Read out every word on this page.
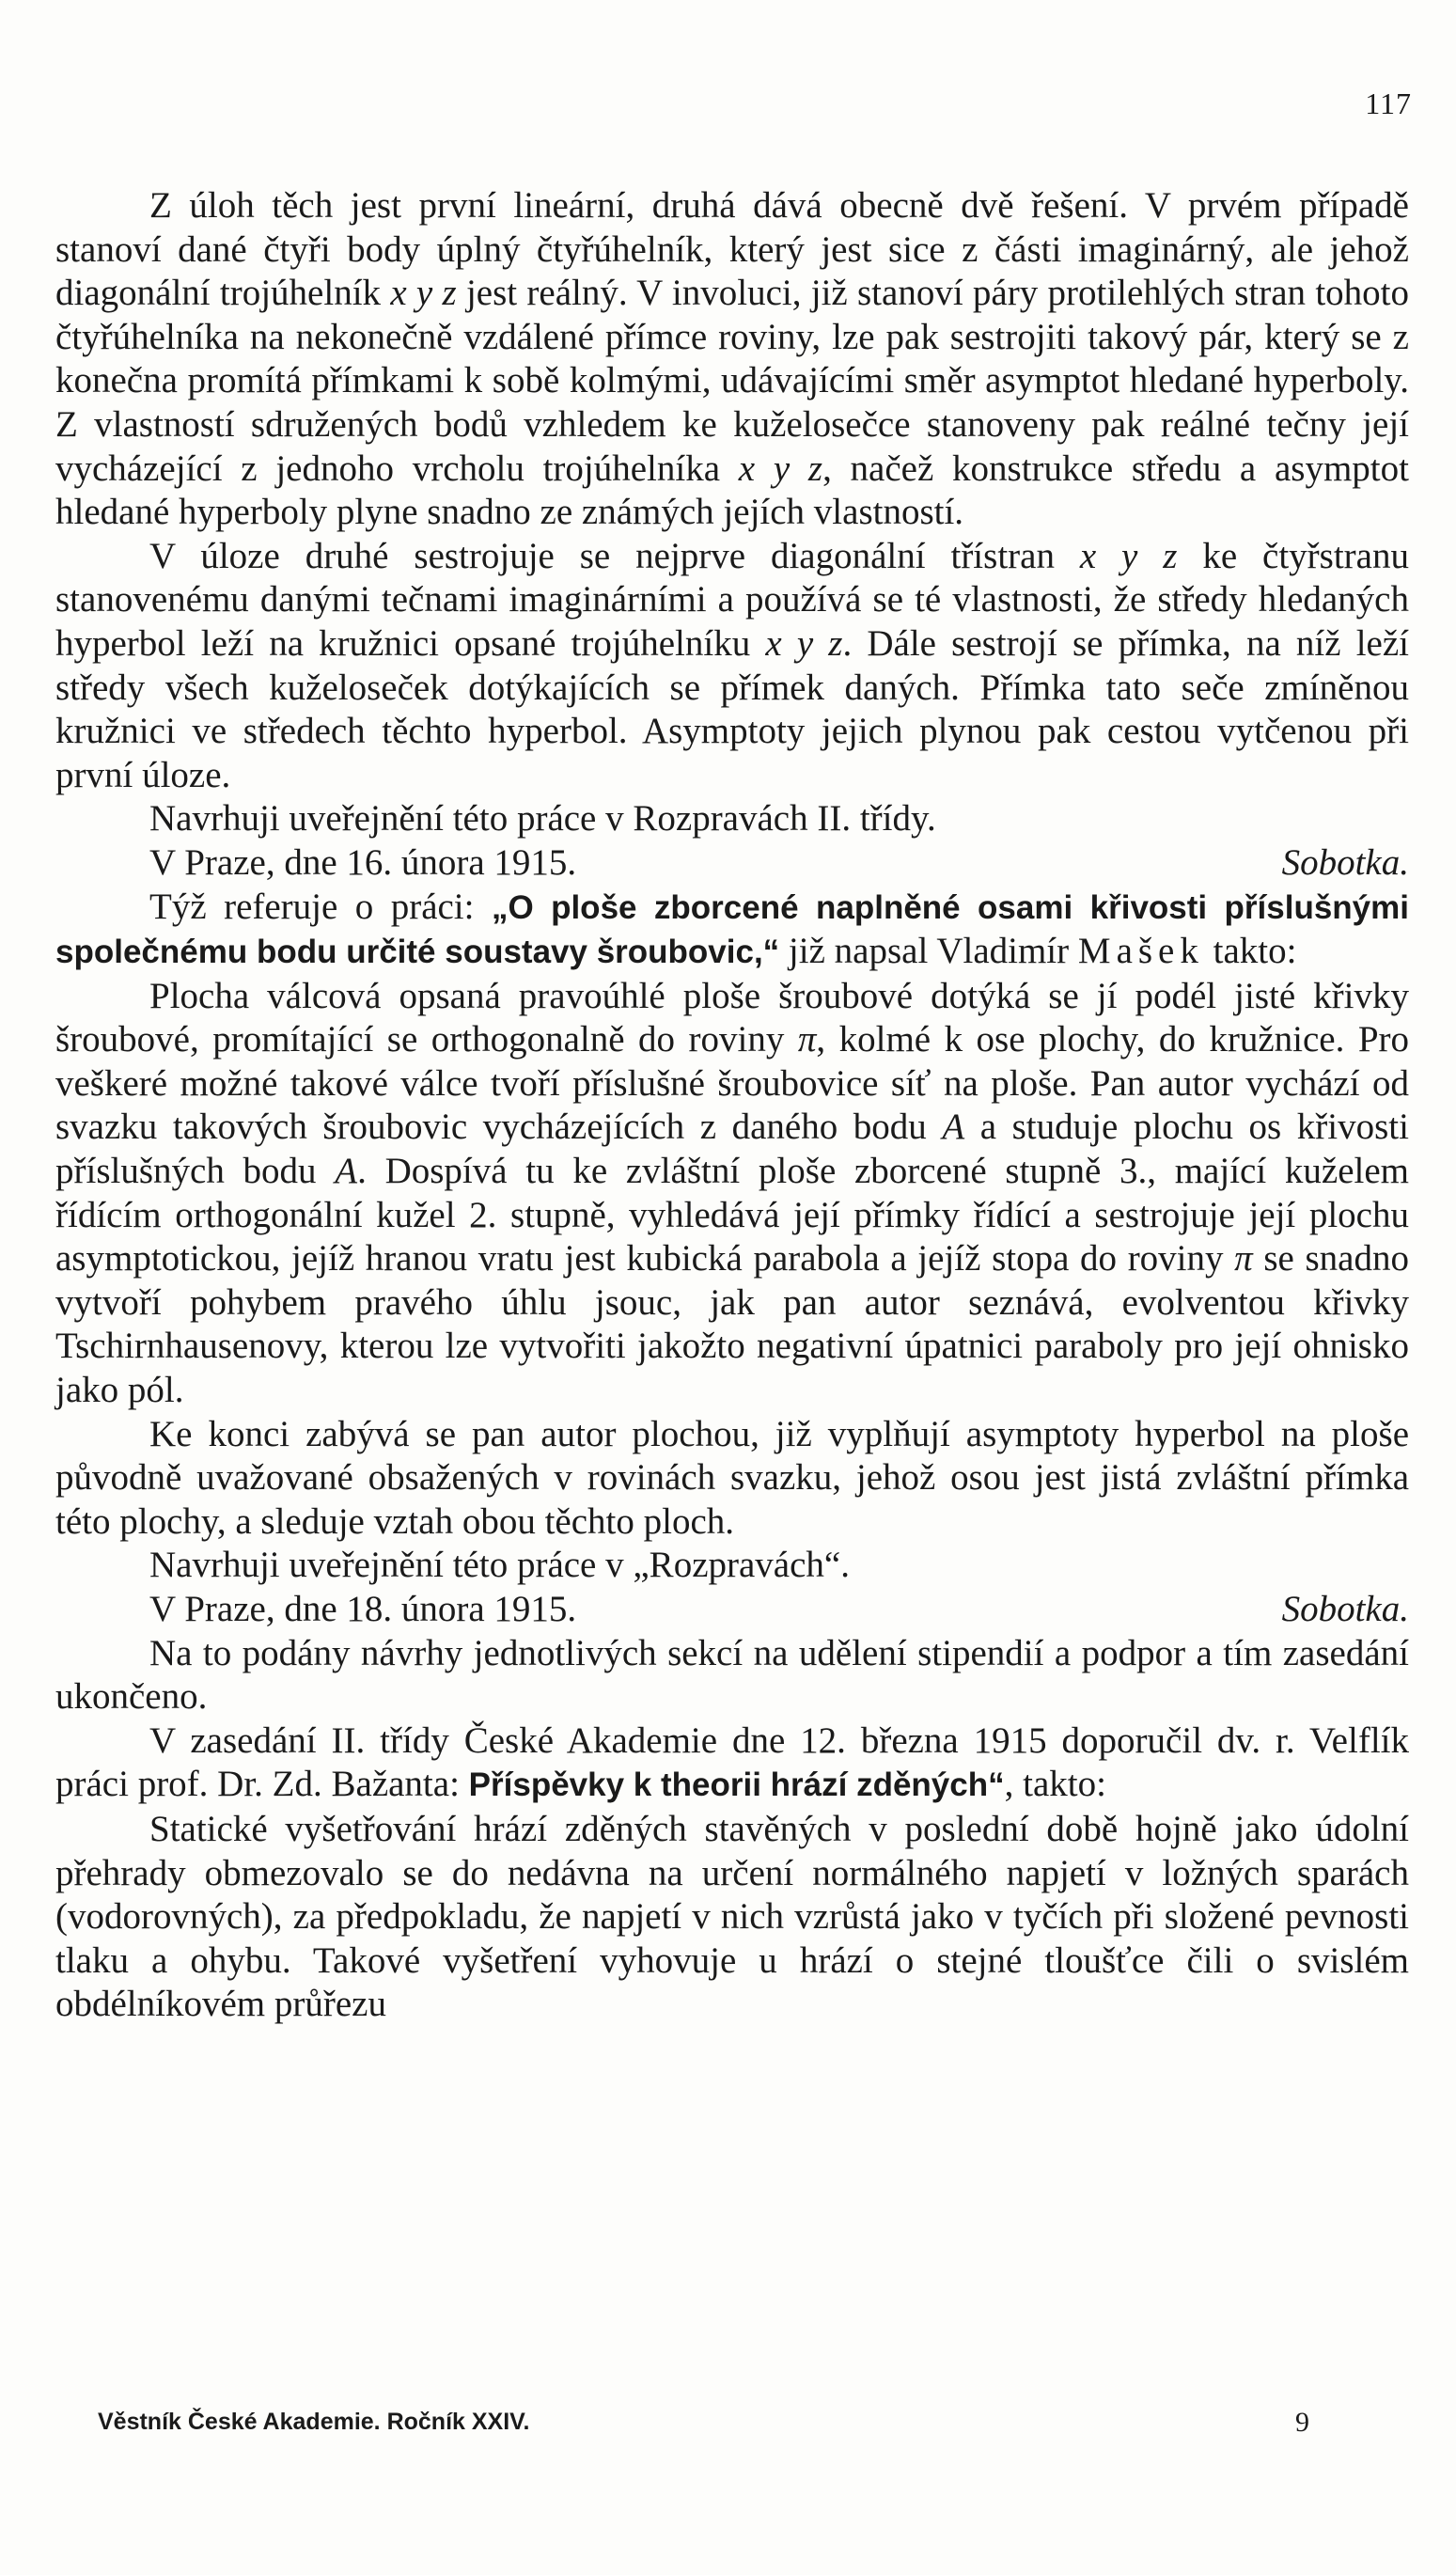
117

Z úloh těch jest první lineární, druhá dává obecně dvě řešení. V prvém případě stanoví dané čtyři body úplný čtyřúhelník, který jest sice z části imaginárný, ale jehož diagonální trojúhelník x y z jest reálný. V involuci, již stanoví páry protilehlých stran tohoto čtyřúhelníka na nekonečně vzdálené přímce roviny, lze pak sestrojiti takový pár, který se z konečna promítá přímkami k sobě kolmými, udávajícími směr asymptot hledané hyperboly. Z vlastností sdružených bodů vzhledem ke kuželosečce stanoveny pak reálné tečny její vycházející z jednoho vrcholu trojúhelníka x y z, načež konstrukce středu a asymptot hledané hyperboly plyne snadno ze známých jejích vlastností.

V úloze druhé sestrojuje se nejprve diagonální třístran x y z ke čtyřstranu stanovenému danými tečnami imaginárními a používá se té vlastnosti, že středy hledaných hyperbol leží na kružnici opsané trojúhelníku x y z. Dále sestrojí se přímka, na níž leží středy všech kuželoseček dotýkajících se přímek daných. Přímka tato seče zmíněnou kružnici ve středech těchto hyperbol. Asymptoty jejich plynou pak cestou vytčenou při první úloze.

Navrhuji uveřejnění této práce v Rozpravách II. třídy.

V Praze, dne 16. února 1915.	Sobotka.

Týž referuje o práci: „O ploše zborcené naplněné osami křivosti příslušnými společnému bodu určité soustavy šroubovic,“ již napsal Vladimír Mašek takto:

Plocha válcová opsaná pravoúhlé ploše šroubové dotýká se jí podél jisté křivky šroubové, promítající se orthogonalně do roviny π, kolmé k ose plochy, do kružnice. Pro veškeré možné takové válce tvoří příslušné šroubovice síť na ploše. Pan autor vychází od svazku takových šroubovic vycházejících z daného bodu A a studuje plochu os křivosti příslušných bodu A. Dospívá tu ke zvláštní ploše zborcené stupně 3., mající kuželem řídícím orthogonální kužel 2. stupně, vyhledává její přímky řídící a sestrojuje její plochu asymptotickou, jejíž hranou vratu jest kubická parabola a jejíž stopa do roviny π se snadno vytvoří pohybem pravého úhlu jsouc, jak pan autor seznává, evolventou křivky Tschirnhausenovy, kterou lze vytvořiti jakožto negativní úpatnici paraboly pro její ohnisko jako pól.

Ke konci zabývá se pan autor plochou, již vyplňují asymptoty hyperbol na ploše původně uvažované obsažených v rovinách svazku, jehož osou jest jistá zvláštní přímka této plochy, a sleduje vztah obou těchto ploch.

Navrhuji uveřejnění této práce v „Rozpravách“.

V Praze, dne 18. února 1915.	Sobotka.

Na to podány návrhy jednotlivých sekcí na udělení stipendií a podpor a tím zasedání ukončeno.

V zasedání II. třídy České Akademie dne 12. března 1915 doporučil dv. r. Velflík práci prof. Dr. Zd. Bažanta: Příspěvky k theorii hrází zděných“, takto:

Statické vyšetřování hrází zděných stavěných v poslední době hojně jako údolní přehrady obmezovalo se do nedávna na určení normálného napjetí v ložných sparách (vodorovných), za předpokladu, že napjetí v nich vzrůstá jako v tyčích při složené pevnosti tlaku a ohybu. Takové vyšetření vyhovuje u hrází o stejné tloušťce čili o svislém obdélníkovém průřezu

Věstník České Akademie. Ročník XXIV.	9
